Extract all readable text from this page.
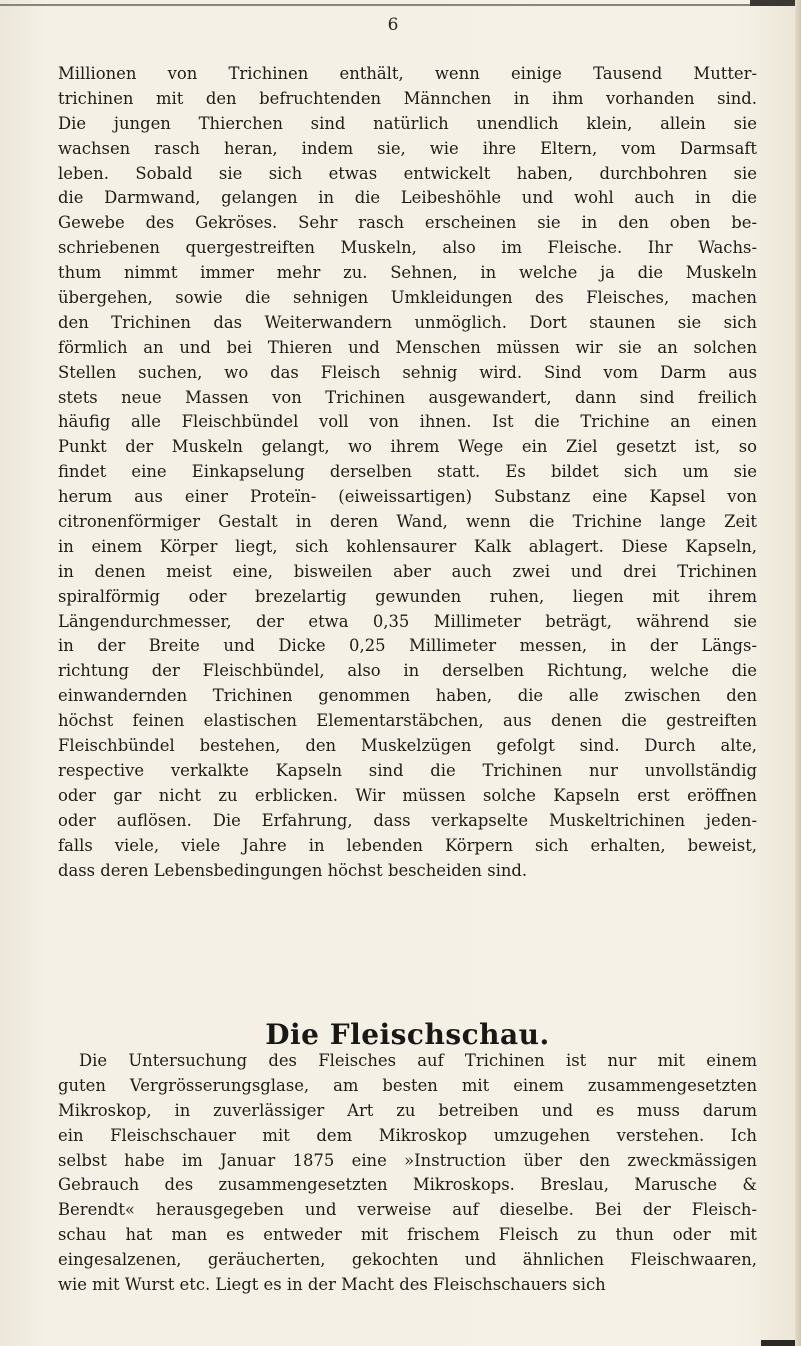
6
Millionen von Trichinen enthält, wenn einige Tausend Mutter-
trichinen mit den befruchtenden Männchen in ihm vorhanden sind.
Die jungen Thierchen sind natürlich unendlich klein, allein sie
wachsen rasch heran, indem sie, wie ihre Eltern, vom Darmsaft
leben. Sobald sie sich etwas entwickelt haben, durchbohren sie
die Darmwand, gelangen in die Leibeshöhle und wohl auch in die
Gewebe des Gekröses. Sehr rasch erscheinen sie in den oben be-
schriebenen quergestreiften Muskeln, also im Fleische. Ihr Wachs-
thum nimmt immer mehr zu. Sehnen, in welche ja die Muskeln
übergehen, sowie die sehnigen Umkleidungen des Fleisches, machen
den Trichinen das Weiterwandern unmöglich. Dort staunen sie sich
förmlich an und bei Thieren und Menschen müssen wir sie an solchen
Stellen suchen, wo das Fleisch sehnig wird. Sind vom Darm aus
stets neue Massen von Trichinen ausgewandert, dann sind freilich
häufig alle Fleischbündel voll von ihnen. Ist die Trichine an einen
Punkt der Muskeln gelangt, wo ihrem Wege ein Ziel gesetzt ist, so
findet eine Einkapselung derselben statt. Es bildet sich um sie
herum aus einer Proteïn- (eiweissartigen) Substanz eine Kapsel von
citronenförmiger Gestalt in deren Wand, wenn die Trichine lange Zeit
in einem Körper liegt, sich kohlensaurer Kalk ablagert. Diese Kapseln,
in denen meist eine, bisweilen aber auch zwei und drei Trichinen
spiralförmig oder brezelartig gewunden ruhen, liegen mit ihrem
Längendurchmesser, der etwa 0,35 Millimeter beträgt, während sie
in der Breite und Dicke 0,25 Millimeter messen, in der Längs-
richtung der Fleischbündel, also in derselben Richtung, welche die
einwandernden Trichinen genommen haben, die alle zwischen den
höchst feinen elastischen Elementarstäbchen, aus denen die gestreiften
Fleischbündel bestehen, den Muskelzügen gefolgt sind. Durch alte,
respective verkalkte Kapseln sind die Trichinen nur unvollständig
oder gar nicht zu erblicken. Wir müssen solche Kapseln erst eröffnen
oder auflösen. Die Erfahrung, dass verkapselte Muskeltrichinen jeden-
falls viele, viele Jahre in lebenden Körpern sich erhalten, beweist,
dass deren Lebensbedingungen höchst bescheiden sind.
Die Fleischschau.
Die Untersuchung des Fleisches auf Trichinen ist nur mit einem
guten Vergrösserungsglase, am besten mit einem zusammengesetzten
Mikroskop, in zuverlässiger Art zu betreiben und es muss darum
ein Fleischschauer mit dem Mikroskop umzugehen verstehen. Ich
selbst habe im Januar 1875 eine »Instruction über den zweckmässigen
Gebrauch des zusammengesetzten Mikroskops. Breslau, Marusche &
Berendt« herausgegeben und verweise auf dieselbe. Bei der Fleisch-
schau hat man es entweder mit frischem Fleisch zu thun oder mit
eingesalzenen, geräucherten, gekochten und ähnlichen Fleischwaaren,
wie mit Wurst etc. Liegt es in der Macht des Fleischschauers sich
